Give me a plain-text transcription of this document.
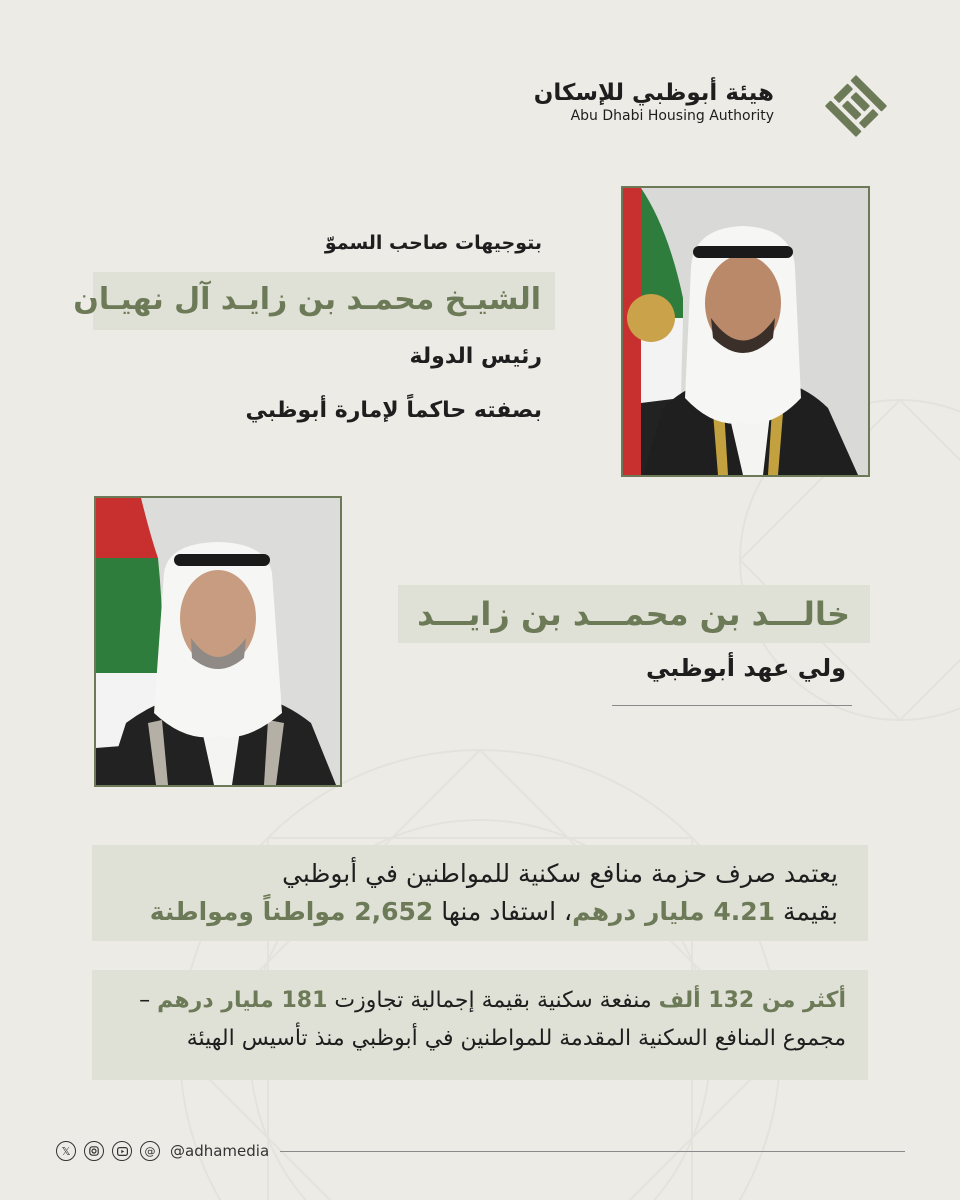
هيئة أبوظبي للإسكان
Abu Dhabi Housing Authority
بتوجيهات صاحب السموّ
الشيـخ محمـد بن زايـد آل نهيـان
رئيس الدولة
بصفته حاكماً لإمارة أبوظبي
خالـــد بن محمـــد بن زايـــد
ولي عهد أبوظبي
يعتمد صرف حزمة منافع سكنية للمواطنين في أبوظبي
بقيمة 4.21 مليار درهم، استفاد منها 2,652 مواطناً ومواطنة
أكثر من 132 ألف منفعة سكنية بقيمة إجمالية تجاوزت 181 مليار درهم –
مجموع المنافع السكنية المقدمة للمواطنين في أبوظبي منذ تأسيس الهيئة
𝕏	@ @adhamedia
